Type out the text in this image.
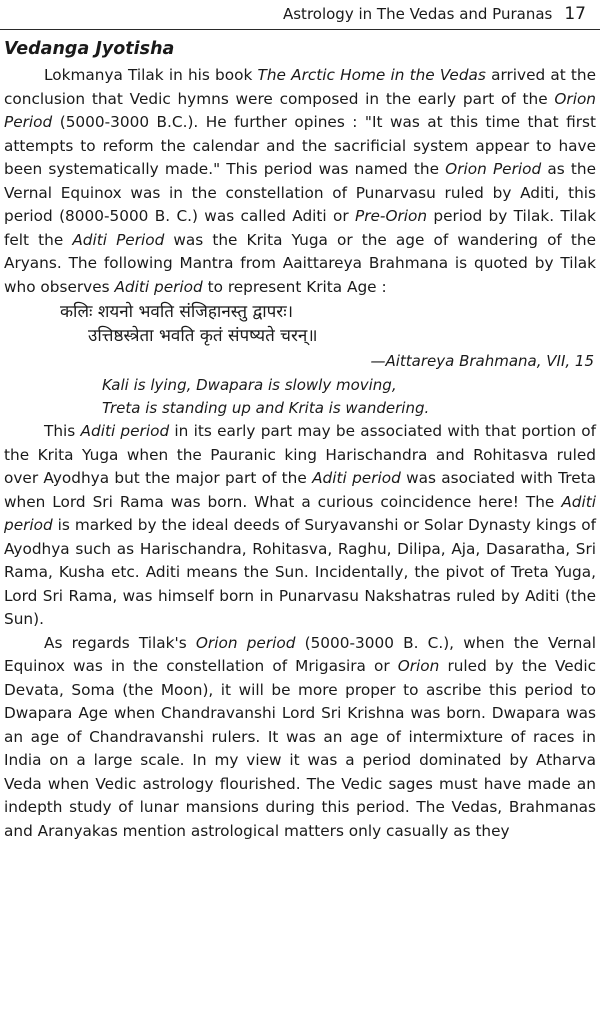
Astrology in The Vedas and Puranas 17
Vedanga Jyotisha

Lokmanya Tilak in his book The Arctic Home in the Vedas arrived at the conclusion that Vedic hymns were composed in the early part of the Orion Period (5000-3000 B.C.). He further opines : "It was at this time that first attempts to reform the calendar and the sacrificial system appear to have been systematically made." This period was named the Orion Period as the Vernal Equinox was in the constellation of Punarvasu ruled by Aditi, this period (8000-5000 B. C.) was called Aditi or Pre-Orion period by Tilak. Tilak felt the Aditi Period was the Krita Yuga or the age of wandering of the Aryans. The following Mantra from Aaittareya Brahmana is quoted by Tilak who observes Aditi period to represent Krita Age :

कलिः शयनो भवति संजिहानस्तु द्वापरः।

उत्तिष्ठस्त्रेता भवति कृतं संपष्यते चरन्॥

—Aittareya Brahmana, VII, 15

Kali is lying, Dwapara is slowly moving,

Treta is standing up and Krita is wandering.

This Aditi period in its early part may be associated with that portion of the Krita Yuga when the Pauranic king Harischandra and Rohitasva ruled over Ayodhya but the major part of the Aditi period was asociated with Treta when Lord Sri Rama was born. What a curious coincidence here! The Aditi period is marked by the ideal deeds of Suryavanshi or Solar Dynasty kings of Ayodhya such as Harischandra, Rohitasva, Raghu, Dilipa, Aja, Dasaratha, Sri Rama, Kusha etc. Aditi means the Sun. Incidentally, the pivot of Treta Yuga, Lord Sri Rama, was himself born in Punarvasu Nakshatras ruled by Aditi (the Sun).

As regards Tilak's Orion period (5000-3000 B. C.), when the Vernal Equinox was in the constellation of Mrigasira or Orion ruled by the Vedic Devata, Soma (the Moon), it will be more proper to ascribe this period to Dwapara Age when Chandravanshi Lord Sri Krishna was born. Dwapara was an age of Chandravanshi rulers. It was an age of intermixture of races in India on a large scale. In my view it was a period dominated by Atharva Veda when Vedic astrology flourished. The Vedic sages must have made an indepth study of lunar mansions during this period. The Vedas, Brahmanas and Aranyakas mention astrological matters only casually as they
